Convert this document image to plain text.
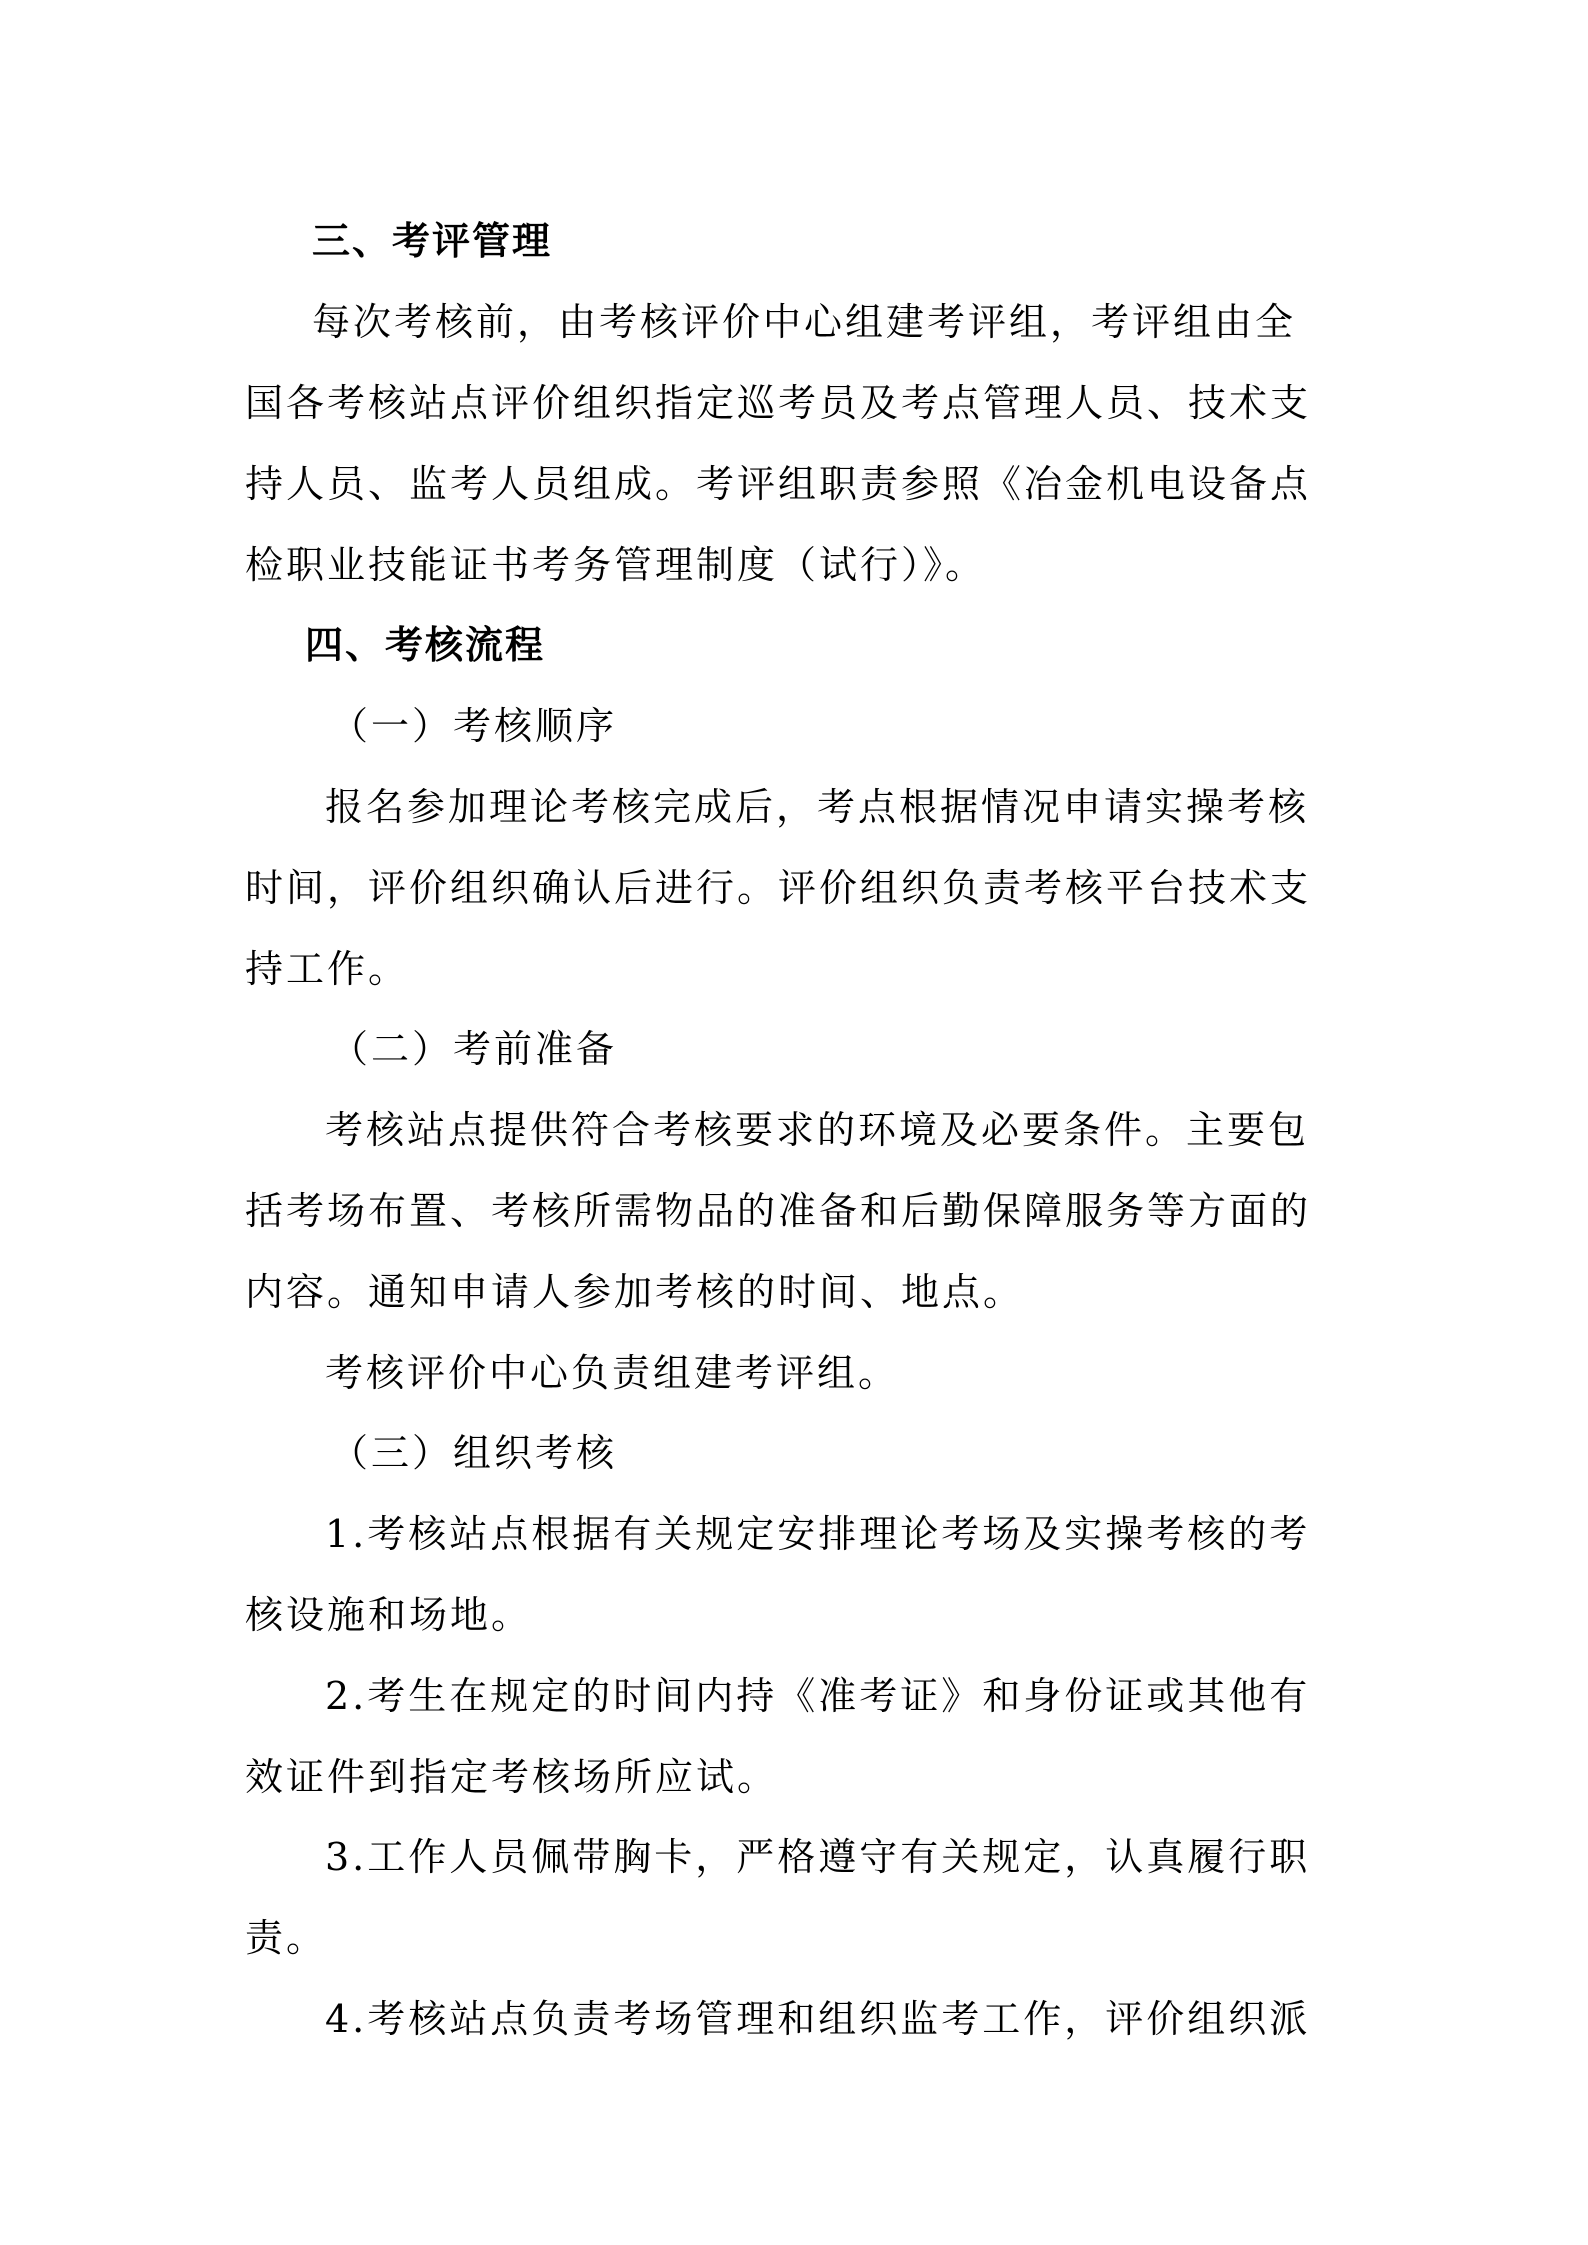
三、考评管理
每次考核前，由考核评价中心组建考评组，考评组由全
国各考核站点评价组织指定巡考员及考点管理人员、技术支
持人员、监考人员组成。考评组职责参照《冶金机电设备点
检职业技能证书考务管理制度（试行）》。
四、考核流程
（一）考核顺序
报名参加理论考核完成后，考点根据情况申请实操考核
时间，评价组织确认后进行。评价组织负责考核平台技术支
持工作。
（二）考前准备
考核站点提供符合考核要求的环境及必要条件。主要包
括考场布置、考核所需物品的准备和后勤保障服务等方面的
内容。通知申请人参加考核的时间、地点。
考核评价中心负责组建考评组。
（三）组织考核
1.考核站点根据有关规定安排理论考场及实操考核的考
核设施和场地。
2.考生在规定的时间内持《准考证》和身份证或其他有
效证件到指定考核场所应试。
3.工作人员佩带胸卡，严格遵守有关规定，认真履行职
责。
4.考核站点负责考场管理和组织监考工作，评价组织派
